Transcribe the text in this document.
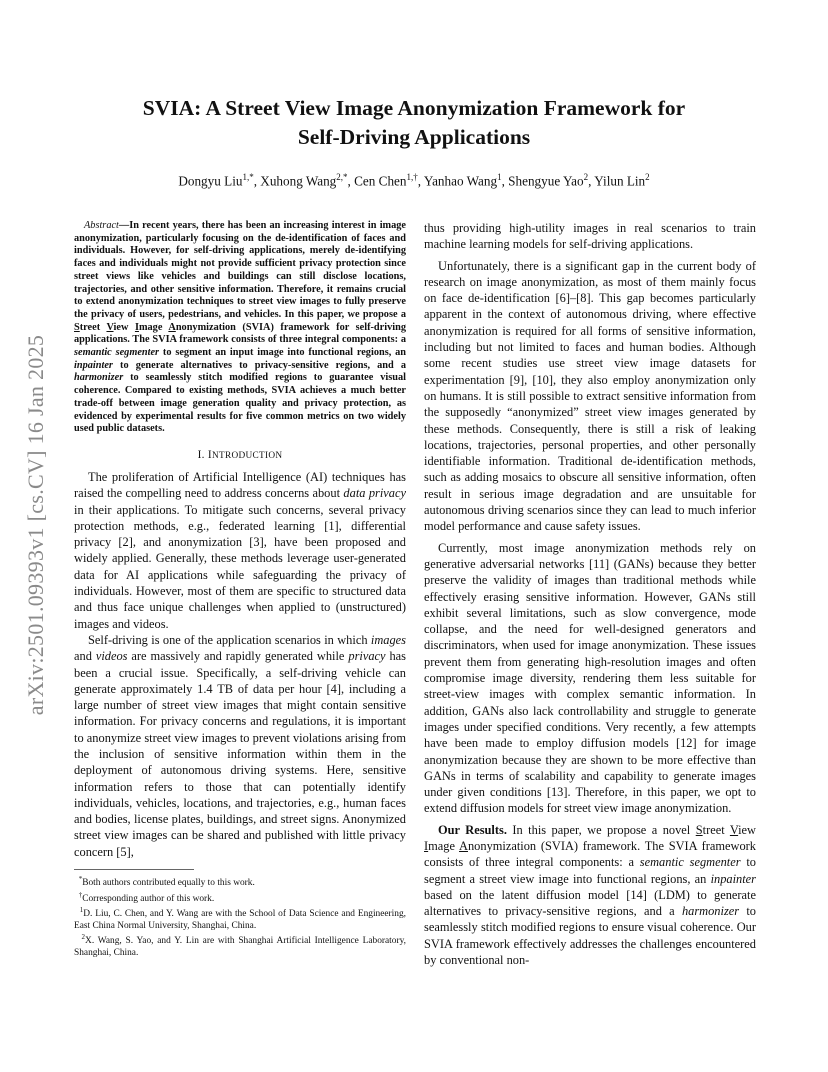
arXiv:2501.09393v1 [cs.CV] 16 Jan 2025
SVIA: A Street View Image Anonymization Framework for
Self-Driving Applications
Dongyu Liu$^{1,*}$, Xuhong Wang$^{2,*}$, Cen Chen$^{1,\dagger}$, Yanhao Wang$^1$, Shengyue Yao$^2$, Yilun Lin$^2$

Abstract—In recent years, there has been an increasing interest in image anonymization, particularly focusing on the de-identification of faces and individuals. However, for self-driving applications, merely de-identifying faces and individuals might not provide sufficient privacy protection since street views like vehicles and buildings can still disclose locations, trajectories, and other sensitive information. Therefore, it remains crucial to extend anonymization techniques to street view images to fully preserve the privacy of users, pedestrians, and vehicles. In this paper, we propose a Street View Image Anonymization (SVIA) framework for self-driving applications. The SVIA framework consists of three integral components: a semantic segmenter to segment an input image into functional regions, an inpainter to generate alternatives to privacy-sensitive regions, and a harmonizer to seamlessly stitch modified regions to guarantee visual coherence. Compared to existing methods, SVIA achieves a much better trade-off between image generation quality and privacy protection, as evidenced by experimental results for five common metrics on two widely used public datasets.

I. INTRODUCTION

The proliferation of Artificial Intelligence (AI) techniques has raised the compelling need to address concerns about data privacy in their applications. To mitigate such concerns, several privacy protection methods, e.g., federated learning [1], differential privacy [2], and anonymization [3], have been proposed and widely applied. Generally, these methods leverage user-generated data for AI applications while safeguarding the privacy of individuals. However, most of them are specific to structured data and thus face unique challenges when applied to (unstructured) images and videos.

Self-driving is one of the application scenarios in which images and videos are massively and rapidly generated while privacy has been a crucial issue. Specifically, a self-driving vehicle can generate approximately 1.4 TB of data per hour [4], including a large number of street view images that might contain sensitive information. For privacy concerns and regulations, it is important to anonymize street view images to prevent violations arising from the inclusion of sensitive information within them in the deployment of autonomous driving systems. Here, sensitive information refers to those that can potentially identify individuals, vehicles, locations, and trajectories, e.g., human faces and bodies, license plates, buildings, and street signs. Anonymized street view images can be shared and published with little privacy concern [5],

*Both authors contributed equally to this work.
†Corresponding author of this work.
$^1$D. Liu, C. Chen, and Y. Wang are with the School of Data Science and Engineering, East China Normal University, Shanghai, China.
$^2$X. Wang, S. Yao, and Y. Lin are with Shanghai Artificial Intelligence Laboratory, Shanghai, China.

thus providing high-utility images in real scenarios to train machine learning models for self-driving applications.

Unfortunately, there is a significant gap in the current body of research on image anonymization, as most of them mainly focus on face de-identification [6]–[8]. This gap becomes particularly apparent in the context of autonomous driving, where effective anonymization is required for all forms of sensitive information, including but not limited to faces and human bodies. Although some recent studies use street view image datasets for experimentation [9], [10], they also employ anonymization only on humans. It is still possible to extract sensitive information from the supposedly “anonymized” street view images generated by these methods. Consequently, there is still a risk of leaking locations, trajectories, personal properties, and other personally identifiable information. Traditional de-identification methods, such as adding mosaics to obscure all sensitive information, often result in serious image degradation and are unsuitable for autonomous driving scenarios since they can lead to much inferior model performance and cause safety issues.

Currently, most image anonymization methods rely on generative adversarial networks [11] (GANs) because they better preserve the validity of images than traditional methods while effectively erasing sensitive information. However, GANs still exhibit several limitations, such as slow convergence, mode collapse, and the need for well-designed generators and discriminators, when used for image anonymization. These issues prevent them from generating high-resolution images and often compromise image diversity, rendering them less suitable for street-view images with complex semantic information. In addition, GANs also lack controllability and struggle to generate images under specified conditions. Very recently, a few attempts have been made to employ diffusion models [12] for image anonymization because they are shown to be more effective than GANs in terms of scalability and capability to generate images under given conditions [13]. Therefore, in this paper, we opt to extend diffusion models for street view image anonymization.

Our Results. In this paper, we propose a novel Street View Image Anonymization (SVIA) framework. The SVIA framework consists of three integral components: a semantic segmenter to segment a street view image into functional regions, an inpainter based on the latent diffusion model [14] (LDM) to generate alternatives to privacy-sensitive regions, and a harmonizer to seamlessly stitch modified regions to ensure visual coherence. Our SVIA framework effectively addresses the challenges encountered by conventional non-
